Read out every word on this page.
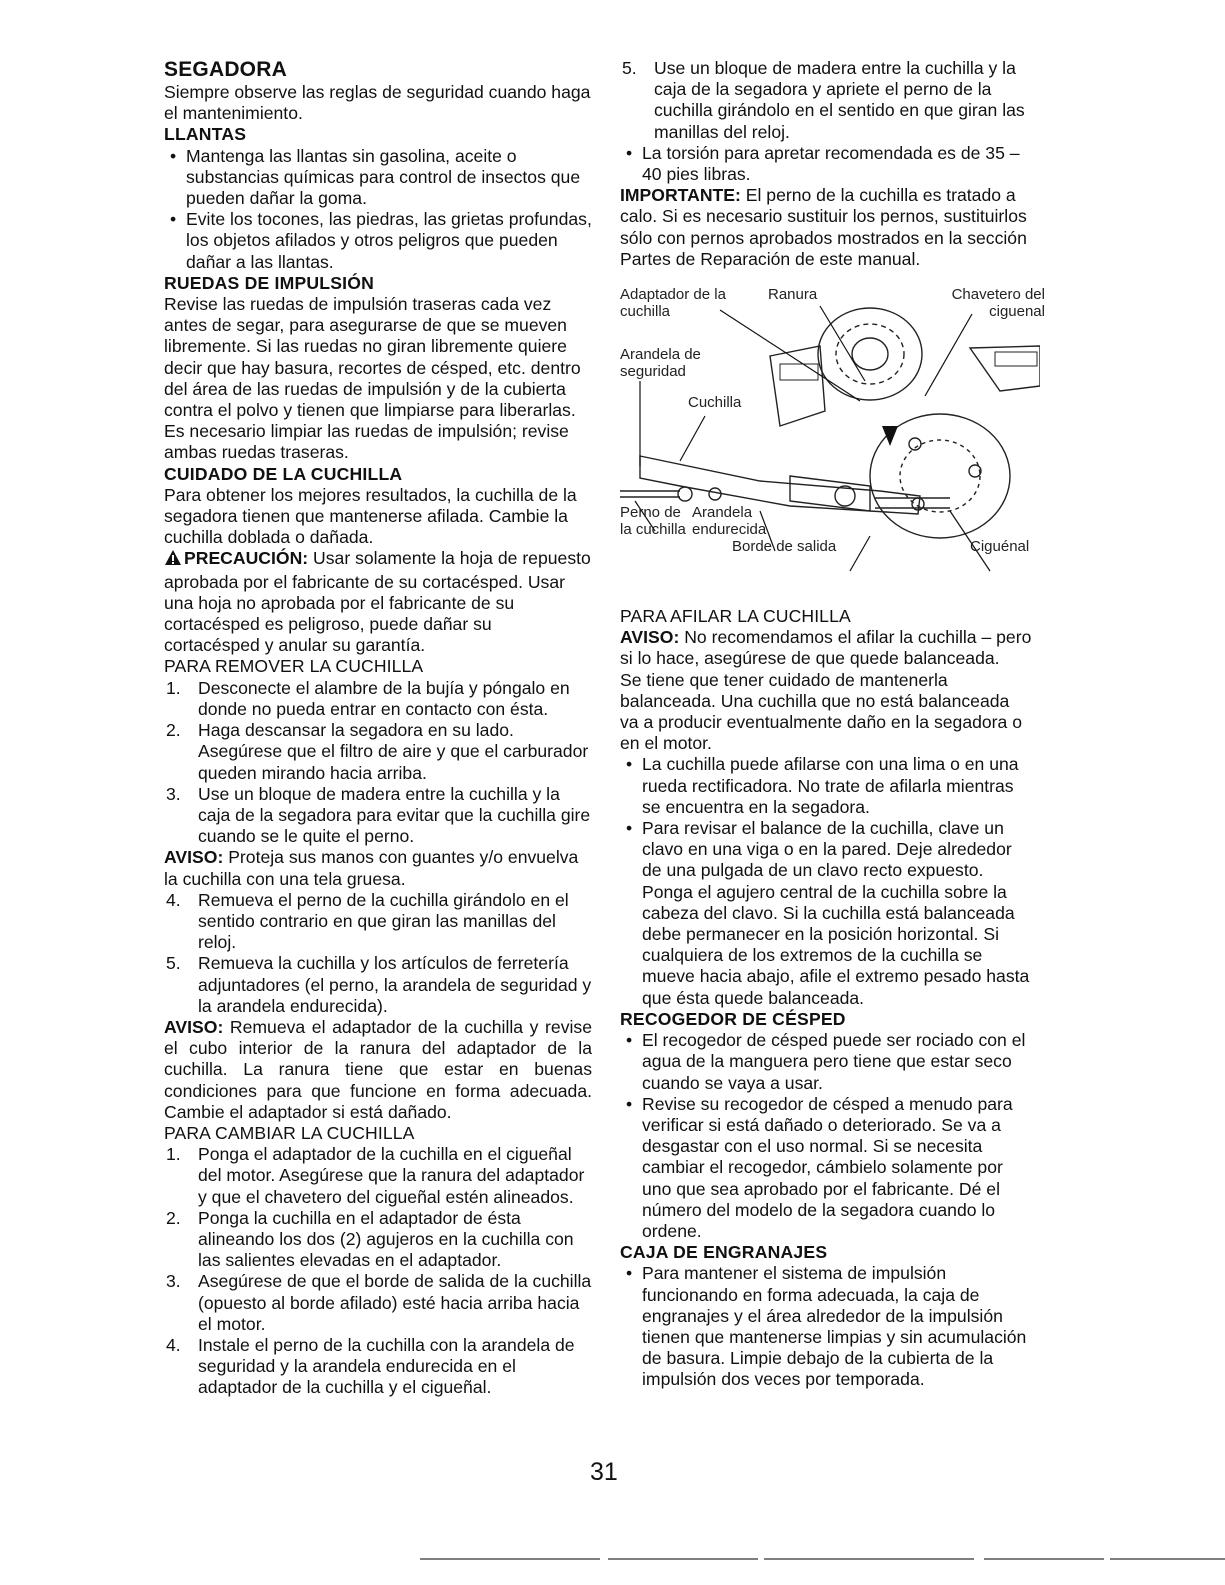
SEGADORA

Siempre observe las reglas de seguridad cuando haga el mantenimiento.

LLANTAS

• Mantenga las llantas sin gasolina, aceite o substancias químicas para control de insectos que pueden dañar la goma.
• Evite los tocones, las piedras, las grietas profundas, los objetos afilados y otros peligros que pueden dañar a las llantas.

RUEDAS DE IMPULSIÓN

Revise las ruedas de impulsión traseras cada vez antes de segar, para asegurarse de que se mueven libremente. Si las ruedas no giran libremente quiere decir que hay basura, recortes de césped, etc. dentro del área de las ruedas de impulsión y de la cubierta contra el polvo y tienen que limpiarse para liberarlas.

Es necesario limpiar las ruedas de impulsión; revise ambas ruedas traseras.

CUIDADO DE LA CUCHILLA

Para obtener los mejores resultados, la cuchilla de la segadora tienen que mantenerse afilada. Cambie la cuchilla doblada o dañada.

PRECAUCIÓN: Usar solamente la hoja de repuesto aprobada por el fabricante de su cortacésped. Usar una hoja no aprobada por el fabricante de su cortacésped es peligroso, puede dañar su cortacésped y anular su garantía.

PARA REMOVER LA CUCHILLA

1. Desconecte el alambre de la bujía y póngalo en donde no pueda entrar en contacto con ésta.
2. Haga descansar la segadora en su lado. Asegúrese que el filtro de aire y que el carburador queden mirando hacia arriba.
3. Use un bloque de madera entre la cuchilla y la caja de la segadora para evitar que la cuchilla gire cuando se le quite el perno.

AVISO: Proteja sus manos con guantes y/o envuelva la cuchilla con una tela gruesa.

4. Remueva el perno de la cuchilla girándolo en el sentido contrario en que giran las manillas del reloj.
5. Remueva la cuchilla y los artículos de ferretería adjuntadores (el perno, la arandela de seguridad y la arandela endurecida).

AVISO: Remueva el adaptador de la cuchilla y revise el cubo interior de la ranura del adaptador de la cuchilla. La ranura tiene que estar en buenas condiciones para que funcione en forma adecuada. Cambie el adaptador si está dañado.

PARA CAMBIAR LA CUCHILLA

1. Ponga el adaptador de la cuchilla en el cigueñal del motor. Asegúrese que la ranura del adaptador y que el chavetero del cigueñal estén alineados.
2. Ponga la cuchilla en el adaptador de ésta alineando los dos (2) agujeros en la cuchilla con las salientes elevadas en el adaptador.
3. Asegúrese de que el borde de salida de la cuchilla (opuesto al borde afilado) esté hacia arriba hacia el motor.
4. Instale el perno de la cuchilla con la arandela de seguridad y la arandela endurecida en el adaptador de la cuchilla y el cigueñal.
5. Use un bloque de madera entre la cuchilla y la caja de la segadora y apriete el perno de la cuchilla girándolo en el sentido en que giran las manillas del reloj.
• La torsión para apretar recomendada es de 35 – 40 pies libras.

IMPORTANTE: El perno de la cuchilla es tratado a calo. Si es necesario sustituir los pernos, sustituirlos sólo con pernos aprobados mostrados en la sección Partes de Reparación de este manual.

Adaptador de la cuchilla
Ranura	Chavetero del ciguenal
Arandela de seguridad
Cuchilla
Perno de la cuchilla
Arandela endurecida
Borde de salida	Ciguénal

PARA AFILAR LA CUCHILLA

AVISO: No recomendamos el afilar la cuchilla – pero si lo hace, asegúrese de que quede balanceada.

Se tiene que tener cuidado de mantenerla balanceada. Una cuchilla que no está balanceada va a producir eventualmente daño en la segadora o en el motor.

• La cuchilla puede afilarse con una lima o en una rueda rectificadora. No trate de afilarla mientras se encuentra en la segadora.
• Para revisar el balance de la cuchilla, clave un clavo en una viga o en la pared. Deje alrededor de una pulgada de un clavo recto expuesto. Ponga el agujero central de la cuchilla sobre la cabeza del clavo. Si la cuchilla está balanceada debe permanecer en la posición horizontal. Si cualquiera de los extremos de la cuchilla se mueve hacia abajo, afile el extremo pesado hasta que ésta quede balanceada.

RECOGEDOR DE CÉSPED

• El recogedor de césped puede ser rociado con el agua de la manguera pero tiene que estar seco cuando se vaya a usar.
• Revise su recogedor de césped a menudo para verificar si está dañado o deteriorado. Se va a desgastar con el uso normal. Si se necesita cambiar el recogedor, cámbielo solamente por uno que sea aprobado por el fabricante. Dé el número del modelo de la segadora cuando lo ordene.

CAJA DE ENGRANAJES

• Para mantener el sistema de impulsión funcionando en forma adecuada, la caja de engranajes y el área alrededor de la impulsión tienen que mantenerse limpias y sin acumulación de basura. Limpie debajo de la cubierta de la impulsión dos veces por temporada.
31
